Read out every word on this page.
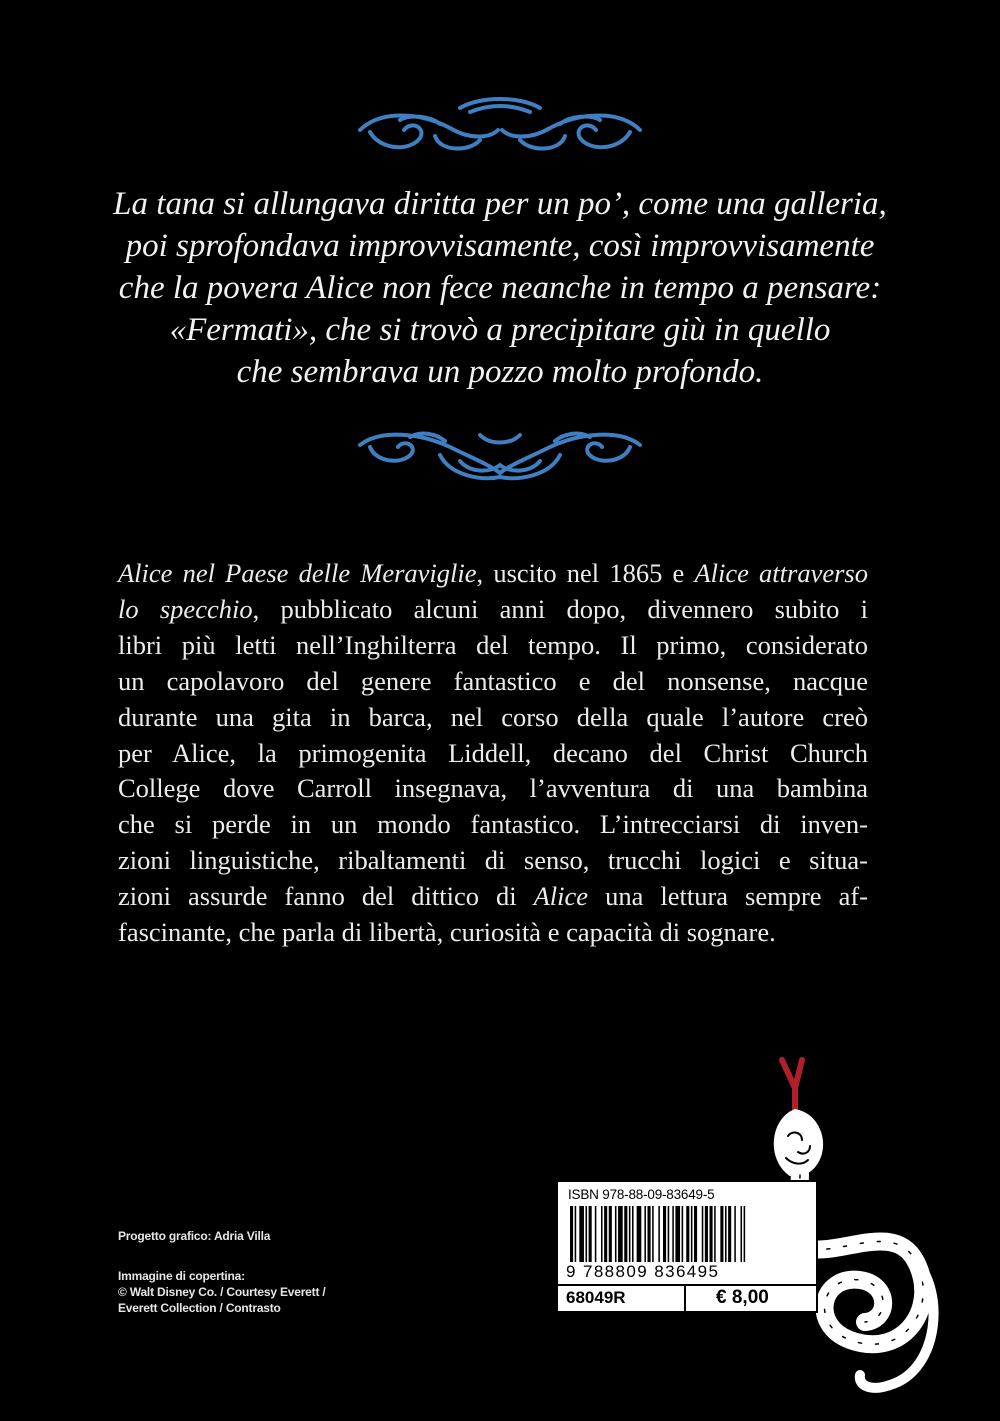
La tana si allungava diritta per un po’, come una galleria,
poi sprofondava improvvisamente, così improvvisamente
che la povera Alice non fece neanche in tempo a pensare:
«Fermati», che si trovò a precipitare giù in quello
che sembrava un pozzo molto profondo.
Alice nel Paese delle Meraviglie, uscito nel 1865 e Alice attraverso
lo specchio, pubblicato alcuni anni dopo, divennero subito i
libri più letti nell’Inghilterra del tempo. Il primo, considerato
un capolavoro del genere fantastico e del nonsense, nacque
durante una gita in barca, nel corso della quale l’autore creò
per Alice, la primogenita Liddell, decano del Christ Church
College dove Carroll insegnava, l’avventura di una bambina
che si perde in un mondo fantastico. L’intrecciarsi di inven-
zioni linguistiche, ribaltamenti di senso, trucchi logici e situa-
zioni assurde fanno del dittico di Alice una lettura sempre af-
fascinante, che parla di libertà, curiosità e capacità di sognare.
Progetto grafico: Adria Villa
Immagine di copertina:
© Walt Disney Co. / Courtesy Everett /
Everett Collection / Contrasto
ISBN 978-88-09-83649-5
9 788809 836495
68049R	€ 8,00
